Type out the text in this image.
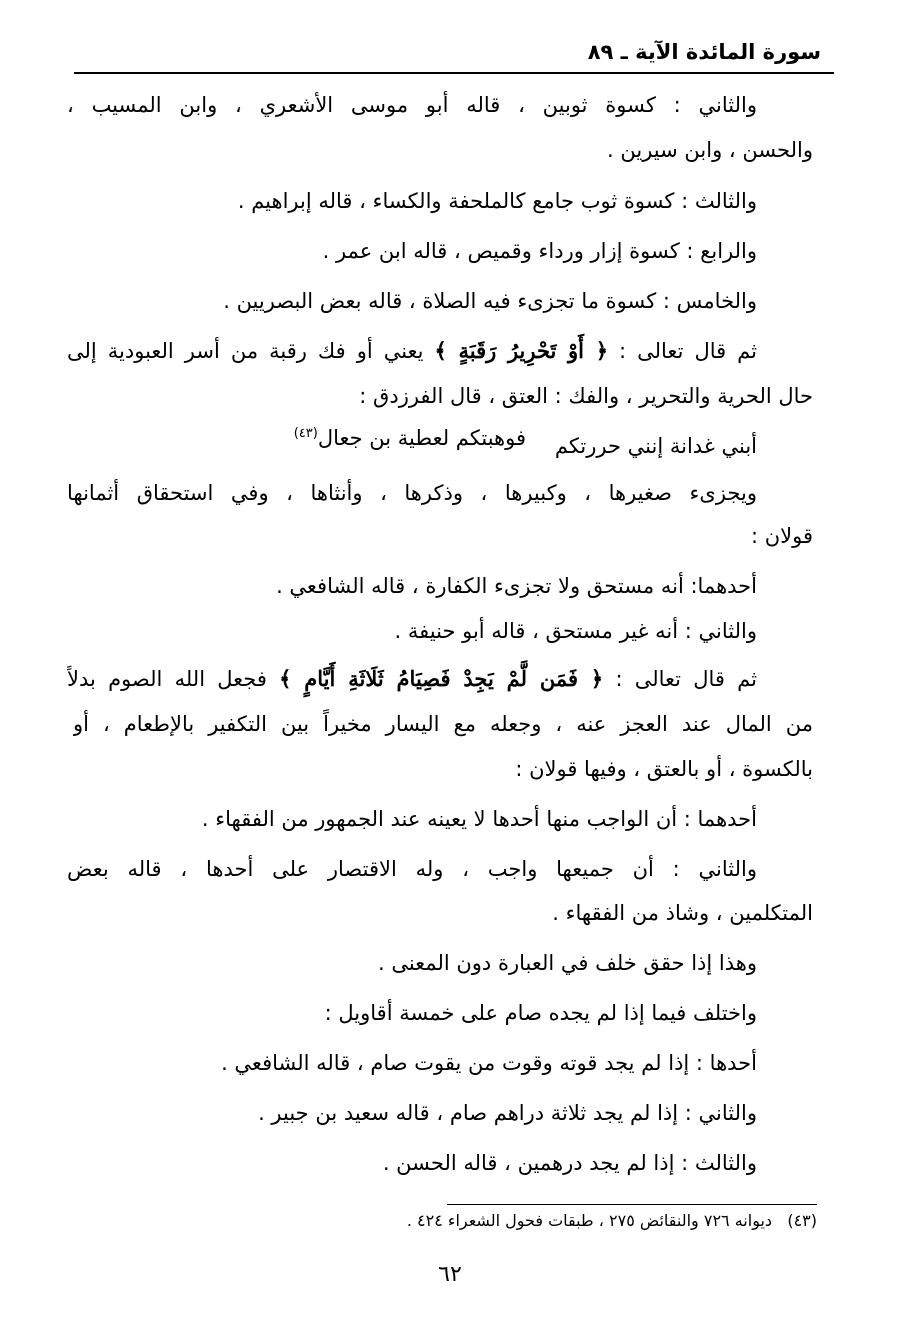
سورة المائدة الآية ـ ٨٩
والثاني : كسوة ثوبين ، قاله أبو موسى الأشعري ، وابن المسيب ،
والحسن ، وابن سيرين .
والثالث : كسوة ثوب جامع كالملحفة والكساء ، قاله إبراهيم .
والرابع : كسوة إزار ورداء وقميص ، قاله ابن عمر .
والخامس : كسوة ما تجزىء فيه الصلاة ، قاله بعض البصريين .
ثم قال تعالى : ﴿ أَوْ تَحْرِيرُ رَقَبَةٍ ﴾ يعني أو فك رقبة من أسر العبودية إلى
حال الحرية والتحرير ، والفك : العتق ، قال الفرزدق :
أبني غدانة إنني حررتكم
فوهبتكم لعطية بن جعال$^{(٤٣)}$
ويجزىء صغيرها ، وكبيرها ، وذكرها ، وأنثاها ، وفي استحقاق أثمانها
قولان :
أحدهما: أنه مستحق ولا تجزىء الكفارة ، قاله الشافعي .
والثاني : أنه غير مستحق ، قاله أبو حنيفة .
ثم قال تعالى : ﴿ فَمَن لَّمْ يَجِدْ فَصِيَامُ ثَلَاثَةِ أَيَّامٍ ﴾ فجعل الله الصوم بدلاً
من المال عند العجز عنه ، وجعله مع اليسار مخيراً بين التكفير بالإطعام ، أو
بالكسوة ، أو بالعتق ، وفيها قولان :
أحدهما : أن الواجب منها أحدها لا يعينه عند الجمهور من الفقهاء .
والثاني : أن جميعها واجب ، وله الاقتصار على أحدها ، قاله بعض
المتكلمين ، وشاذ من الفقهاء .
وهذا إذا حقق خلف في العبارة دون المعنى .
واختلف فيما إذا لم يجده صام على خمسة أقاويل :
أحدها : إذا لم يجد قوته وقوت من يقوت صام ، قاله الشافعي .
والثاني : إذا لم يجد ثلاثة دراهم صام ، قاله سعيد بن جبير .
والثالث : إذا لم يجد درهمين ، قاله الحسن .
(٤٣)   ديوانه ٧٢٦ والنقائض ٢٧٥ ، طبقات فحول الشعراء ٤٢٤ .
٦٢
